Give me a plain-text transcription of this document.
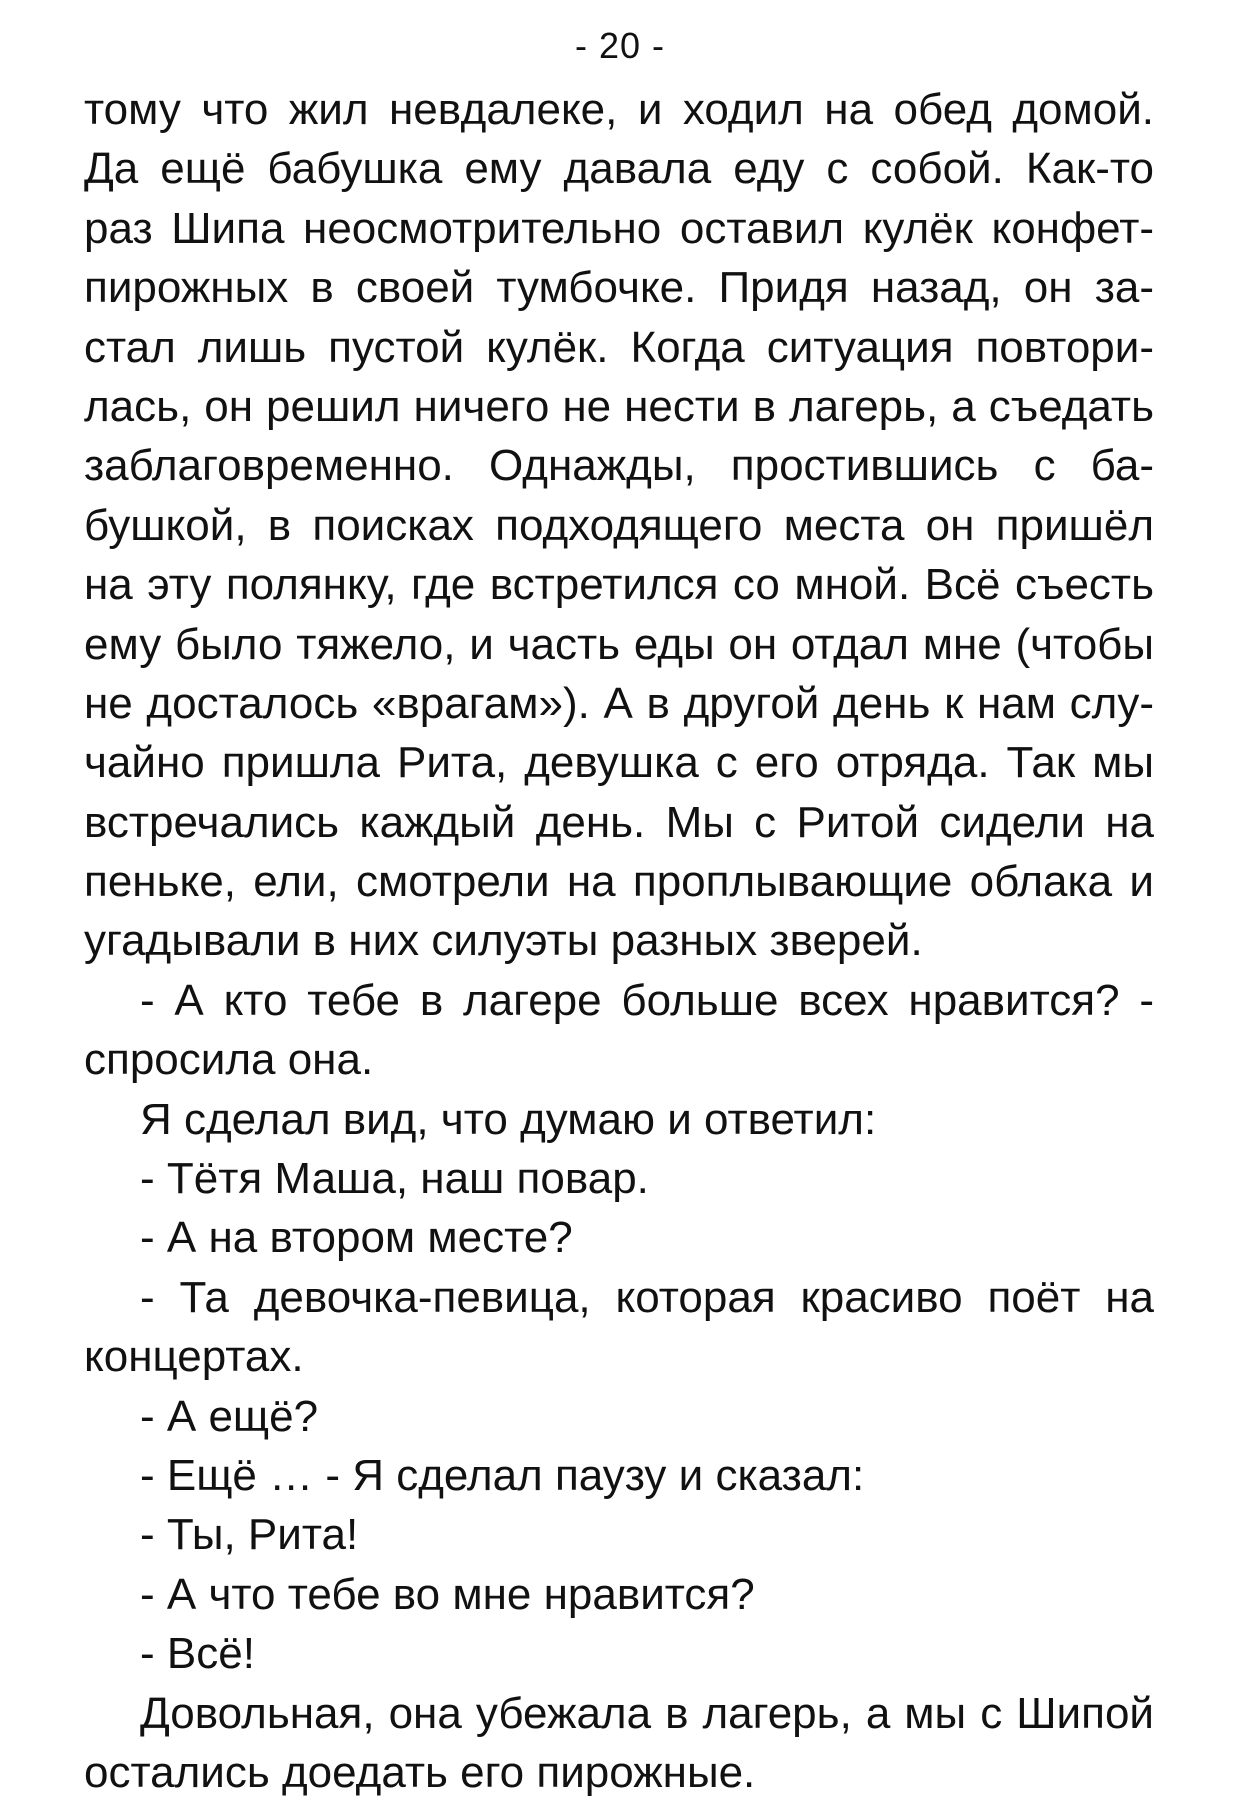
- 20 -
тому что жил невдалеке, и ходил на обед домой.
Да ещё бабушка ему давала еду с собой. Как-то
раз Шипа неосмотрительно оставил кулёк конфет-
пирожных в своей тумбочке. Придя назад, он за-
стал лишь пустой кулёк. Когда ситуация повтори-
лась, он решил ничего не нести в лагерь, а съедать
заблаговременно. Однажды, простившись с ба-
бушкой, в поисках подходящего места он пришёл
на эту полянку, где встретился со мной. Всё съесть
ему было тяжело, и часть еды он отдал мне (чтобы
не досталось «врагам»). А в другой день к нам слу-
чайно пришла Рита, девушка с его отряда. Так мы
встречались каждый день. Мы с Ритой сидели на
пеньке, ели, смотрели на проплывающие облака и
угадывали в них силуэты разных зверей.
- А кто тебе в лагере больше всех нравится? -
спросила она.
Я сделал вид, что думаю и ответил:
- Тётя Маша, наш повар.
- А на втором месте?
- Та девочка-певица, которая красиво поёт на
концертах.
- А ещё?
- Ещё … - Я сделал паузу и сказал:
- Ты, Рита!
- А что тебе во мне нравится?
- Всё!
Довольная, она убежала в лагерь, а мы с Шипой
остались доедать его пирожные.
